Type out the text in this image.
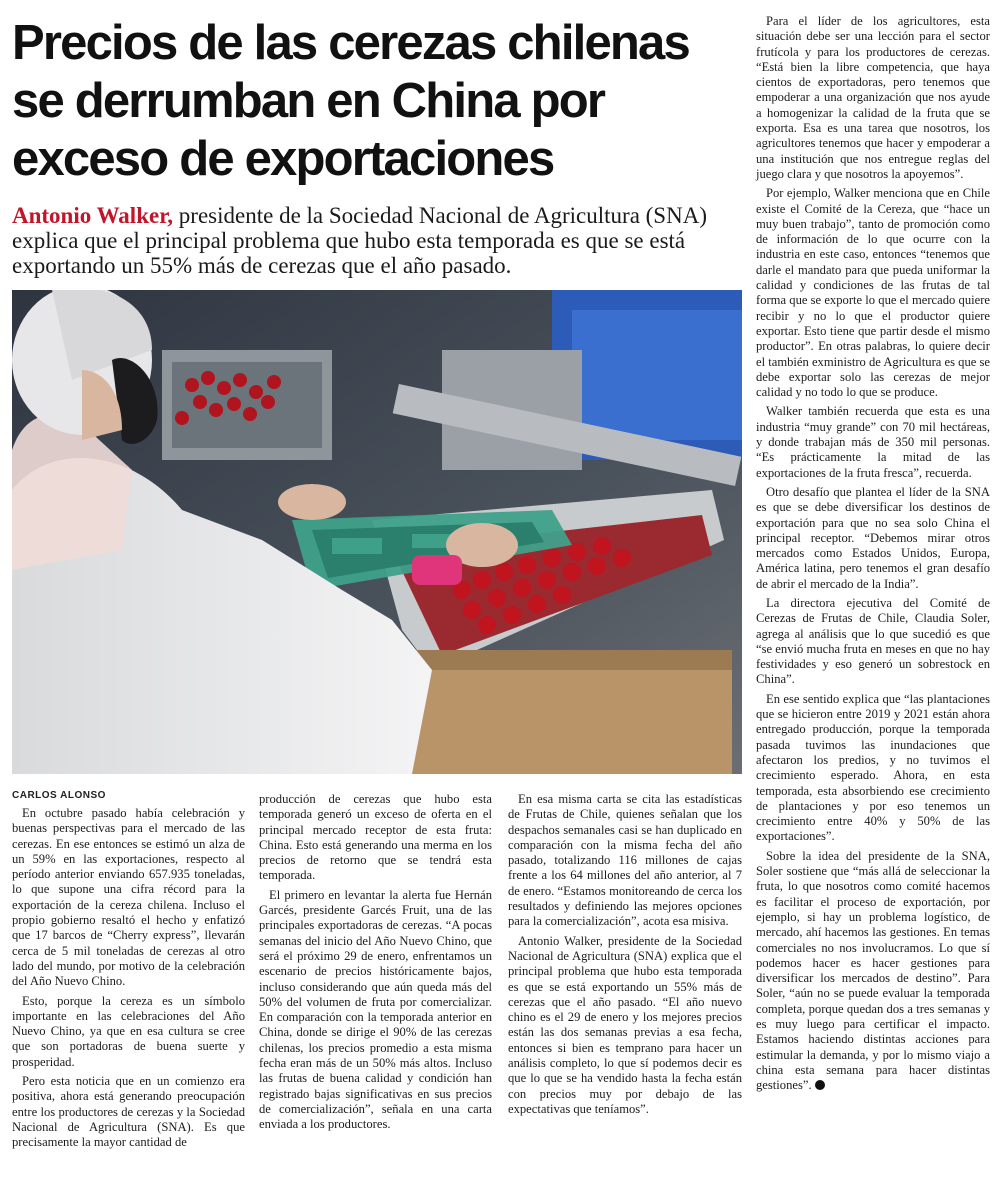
Precios de las cerezas chilenas
se derrumban en China por
exceso de exportaciones

Antonio Walker, presidente de la Sociedad Nacional de Agricultura (SNA) explica que el principal problema que hubo esta temporada es que se está exportando un 55% más de cerezas que el año pasado.

CARLOS ALONSO

En octubre pasado había celebración y buenas perspectivas para el mercado de las cerezas. En ese entonces se estimó un alza de un 59% en las exportaciones, respecto al período anterior enviando 657.935 toneladas, lo que supone una cifra récord para la exportación de la cereza chilena. Incluso el propio gobierno resaltó el hecho y enfatizó que 17 barcos de “Cherry express”, llevarán cerca de 5 mil toneladas de cerezas al otro lado del mundo, por motivo de la celebración del Año Nuevo Chino.

Esto, porque la cereza es un símbolo importante en las celebraciones del Año Nuevo Chino, ya que en esa cultura se cree que son portadoras de buena suerte y prosperidad.

Pero esta noticia que en un comienzo era positiva, ahora está generando preocupación entre los productores de cerezas y la Sociedad Nacional de Agricultura (SNA). Es que precisamente la mayor cantidad de

producción de cerezas que hubo esta temporada generó un exceso de oferta en el principal mercado receptor de esta fruta: China. Esto está generando una merma en los precios de retorno que se tendrá esta temporada.

El primero en levantar la alerta fue Hernán Garcés, presidente Garcés Fruit, una de las principales exportadoras de cerezas. “A pocas semanas del inicio del Año Nuevo Chino, que será el próximo 29 de enero, enfrentamos un escenario de precios históricamente bajos, incluso considerando que aún queda más del 50% del volumen de fruta por comercializar. En comparación con la temporada anterior en China, donde se dirige el 90% de las cerezas chilenas, los precios promedio a esta misma fecha eran más de un 50% más altos. Incluso las frutas de buena calidad y condición han registrado bajas significativas en sus precios de comercialización”, señala en una carta enviada a los productores.

En esa misma carta se cita las estadísticas de Frutas de Chile, quienes señalan que los despachos semanales casi se han duplicado en comparación con la misma fecha del año pasado, totalizando 116 millones de cajas frente a los 64 millones del año anterior, al 7 de enero. “Estamos monitoreando de cerca los resultados y definiendo las mejores opciones para la comercialización”, acota esa misiva.

Antonio Walker, presidente de la Sociedad Nacional de Agricultura (SNA) explica que el principal problema que hubo esta temporada es que se está exportando un 55% más de cerezas que el año pasado. “El año nuevo chino es el 29 de enero y los mejores precios están las dos semanas previas a esa fecha, entonces si bien es temprano para hacer un análisis completo, lo que sí podemos decir es que lo que se ha vendido hasta la fecha están con precios muy por debajo de las expectativas que teníamos”.

Para el líder de los agricultores, esta situación debe ser una lección para el sector frutícola y para los productores de cerezas. “Está bien la libre competencia, que haya cientos de exportadoras, pero tenemos que empoderar a una organización que nos ayude a homogenizar la calidad de la fruta que se exporta. Esa es una tarea que nosotros, los agricultores tenemos que hacer y empoderar a una institución que nos entregue reglas del juego clara y que nosotros la apoyemos”.

Por ejemplo, Walker menciona que en Chile existe el Comité de la Cereza, que “hace un muy buen trabajo”, tanto de promoción como de información de lo que ocurre con la industria en este caso, entonces “tenemos que darle el mandato para que pueda uniformar la calidad y condiciones de las frutas de tal forma que se exporte lo que el mercado quiere recibir y no lo que el productor quiere exportar. Esto tiene que partir desde el mismo productor”. En otras palabras, lo quiere decir el también exministro de Agricultura es que se debe exportar solo las cerezas de mejor calidad y no todo lo que se produce.

Walker también recuerda que esta es una industria “muy grande” con 70 mil hectáreas, y donde trabajan más de 350 mil personas. “Es prácticamente la mitad de las exportaciones de la fruta fresca”, recuerda.

Otro desafío que plantea el líder de la SNA es que se debe diversificar los destinos de exportación para que no sea solo China el principal receptor. “Debemos mirar otros mercados como Estados Unidos, Europa, América latina, pero tenemos el gran desafío de abrir el mercado de la India”.

La directora ejecutiva del Comité de Cerezas de Frutas de Chile, Claudia Soler, agrega al análisis que lo que sucedió es que “se envió mucha fruta en meses en que no hay festividades y eso generó un sobrestock en China”.

En ese sentido explica que “las plantaciones que se hicieron entre 2019 y 2021 están ahora entregado producción, porque la temporada pasada tuvimos las inundaciones que afectaron los predios, y no tuvimos el crecimiento esperado. Ahora, en esta temporada, esta absorbiendo ese crecimiento de plantaciones y por eso tenemos un crecimiento entre 40% y 50% de las exportaciones”.

Sobre la idea del presidente de la SNA, Soler sostiene que “más allá de seleccionar la fruta, lo que nosotros como comité hacemos es facilitar el proceso de exportación, por ejemplo, si hay un problema logístico, de mercado, ahí hacemos las gestiones. En temas comerciales no nos involucramos. Lo que sí podemos hacer es hacer gestiones para diversificar los mercados de destino”. Para Soler, “aún no se puede evaluar la temporada completa, porque quedan dos a tres semanas y es muy luego para certificar el impacto. Estamos haciendo distintas acciones para estimular la demanda, y por lo mismo viajo a china esta semana para hacer distintas gestiones”.
